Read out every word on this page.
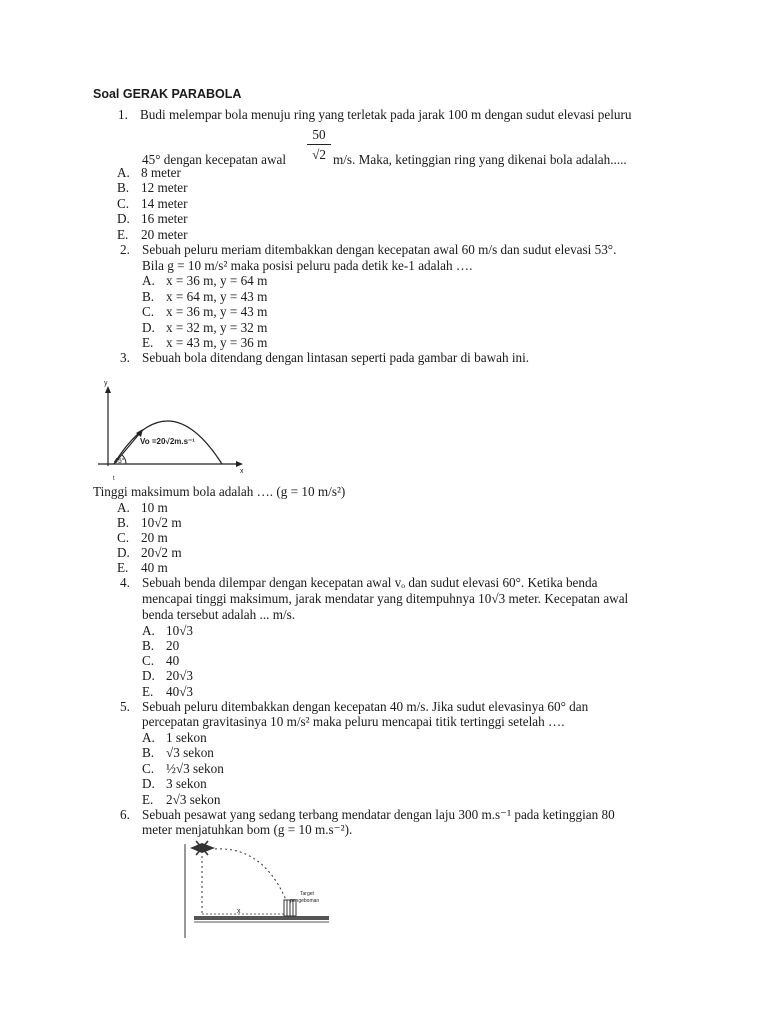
Soal GERAK PARABOLA
1. Budi melempar bola menuju ring yang terletak pada jarak 100 m dengan sudut elevasi peluru
50
√2
45° dengan kecepatan awal	m/s. Maka, ketinggian ring yang dikenai bola adalah.....
A. 8 meter
B. 12 meter
C. 14 meter
D. 16 meter
E. 20 meter
2. Sebuah peluru meriam ditembakkan dengan kecepatan awal 60 m/s dan sudut elevasi 53°.
Bila g = 10 m/s² maka posisi peluru pada detik ke-1 adalah ….
A. x = 36 m, y = 64 m
B. x = 64 m, y = 43 m
C. x = 36 m, y = 43 m
D. x = 32 m, y = 32 m
E. x = 43 m, y = 36 m
3. Sebuah bola ditendang dengan lintasan seperti pada gambar di bawah ini.
y
x
t
45°
Vo =20√2m.s⁻¹
Tinggi maksimum bola adalah …. (g = 10 m/s²)
A. 10 m
B. 10√2 m
C. 20 m
D. 20√2 m
E. 40 m
4. Sebuah benda dilempar dengan kecepatan awal vₒ dan sudut elevasi 60°. Ketika benda
mencapai tinggi maksimum, jarak mendatar yang ditempuhnya 10√3 meter. Kecepatan awal
benda tersebut adalah ... m/s.
A. 10√3
B. 20
C. 40
D. 20√3
E. 40√3
5. Sebuah peluru ditembakkan dengan kecepatan 40 m/s. Jika sudut elevasinya 60° dan
percepatan gravitasinya 10 m/s² maka peluru mencapai titik tertinggi setelah ….
A. 1 sekon
B. √3 sekon
C. ½√3 sekon
D. 3 sekon
E. 2√3 sekon
6. Sebuah pesawat yang sedang terbang mendatar dengan laju 300 m.s⁻¹ pada ketinggian 80
meter menjatuhkan bom (g = 10 m.s⁻²).
x
Target
pengeboman
